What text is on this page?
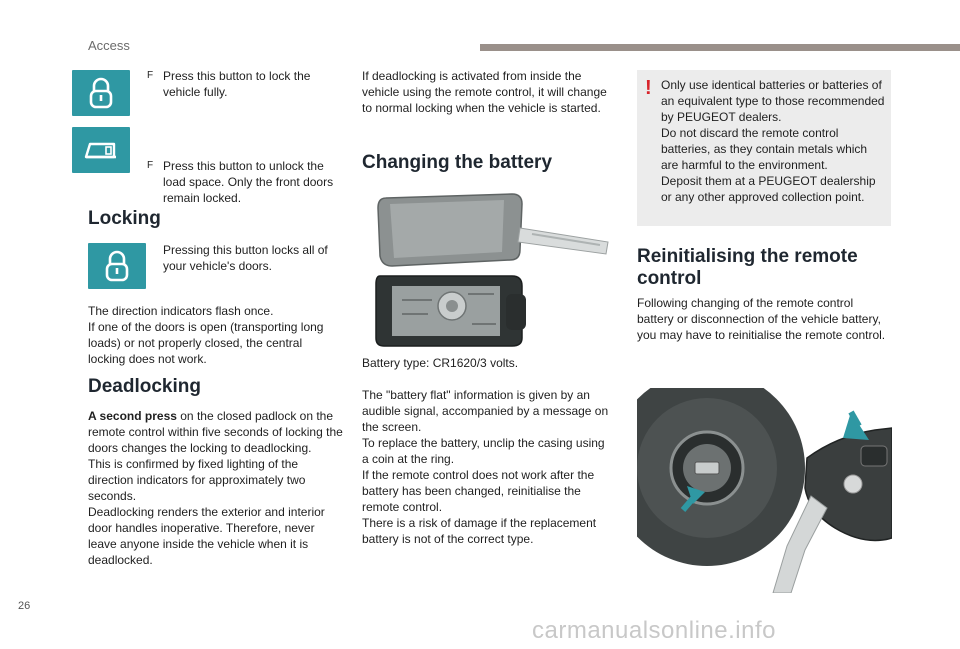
Access
F Press this button to lock the vehicle fully.
F Press this button to unlock the load space. Only the front doors remain locked.
Locking
Pressing this button locks all of your vehicle's doors.
The direction indicators flash once.
If one of the doors is open (transporting long loads) or not properly closed, the central locking does not work.
Deadlocking
A second press on the closed padlock on the remote control within five seconds of locking the doors changes the locking to deadlocking.
This is confirmed by fixed lighting of the direction indicators for approximately two seconds.
Deadlocking renders the exterior and interior door handles inoperative. Therefore, never leave anyone inside the vehicle when it is deadlocked.
If deadlocking is activated from inside the vehicle using the remote control, it will change to normal locking when the vehicle is started.
Changing the battery
Battery type: CR1620/3 volts.
The "battery flat" information is given by an audible signal, accompanied by a message on the screen.
To replace the battery, unclip the casing using a coin at the ring.
If the remote control does not work after the battery has been changed, reinitialise the remote control.
There is a risk of damage if the replacement battery is not of the correct type.
! Only use identical batteries or batteries of an equivalent type to those recommended by PEUGEOT dealers.
Do not discard the remote control batteries, as they contain metals which are harmful to the environment.
Deposit them at a PEUGEOT dealership or any other approved collection point.
Reinitialising the remote
control
Following changing of the remote control battery or disconnection of the vehicle battery, you may have to reinitialise the remote control.
26
carmanualsonline.info
